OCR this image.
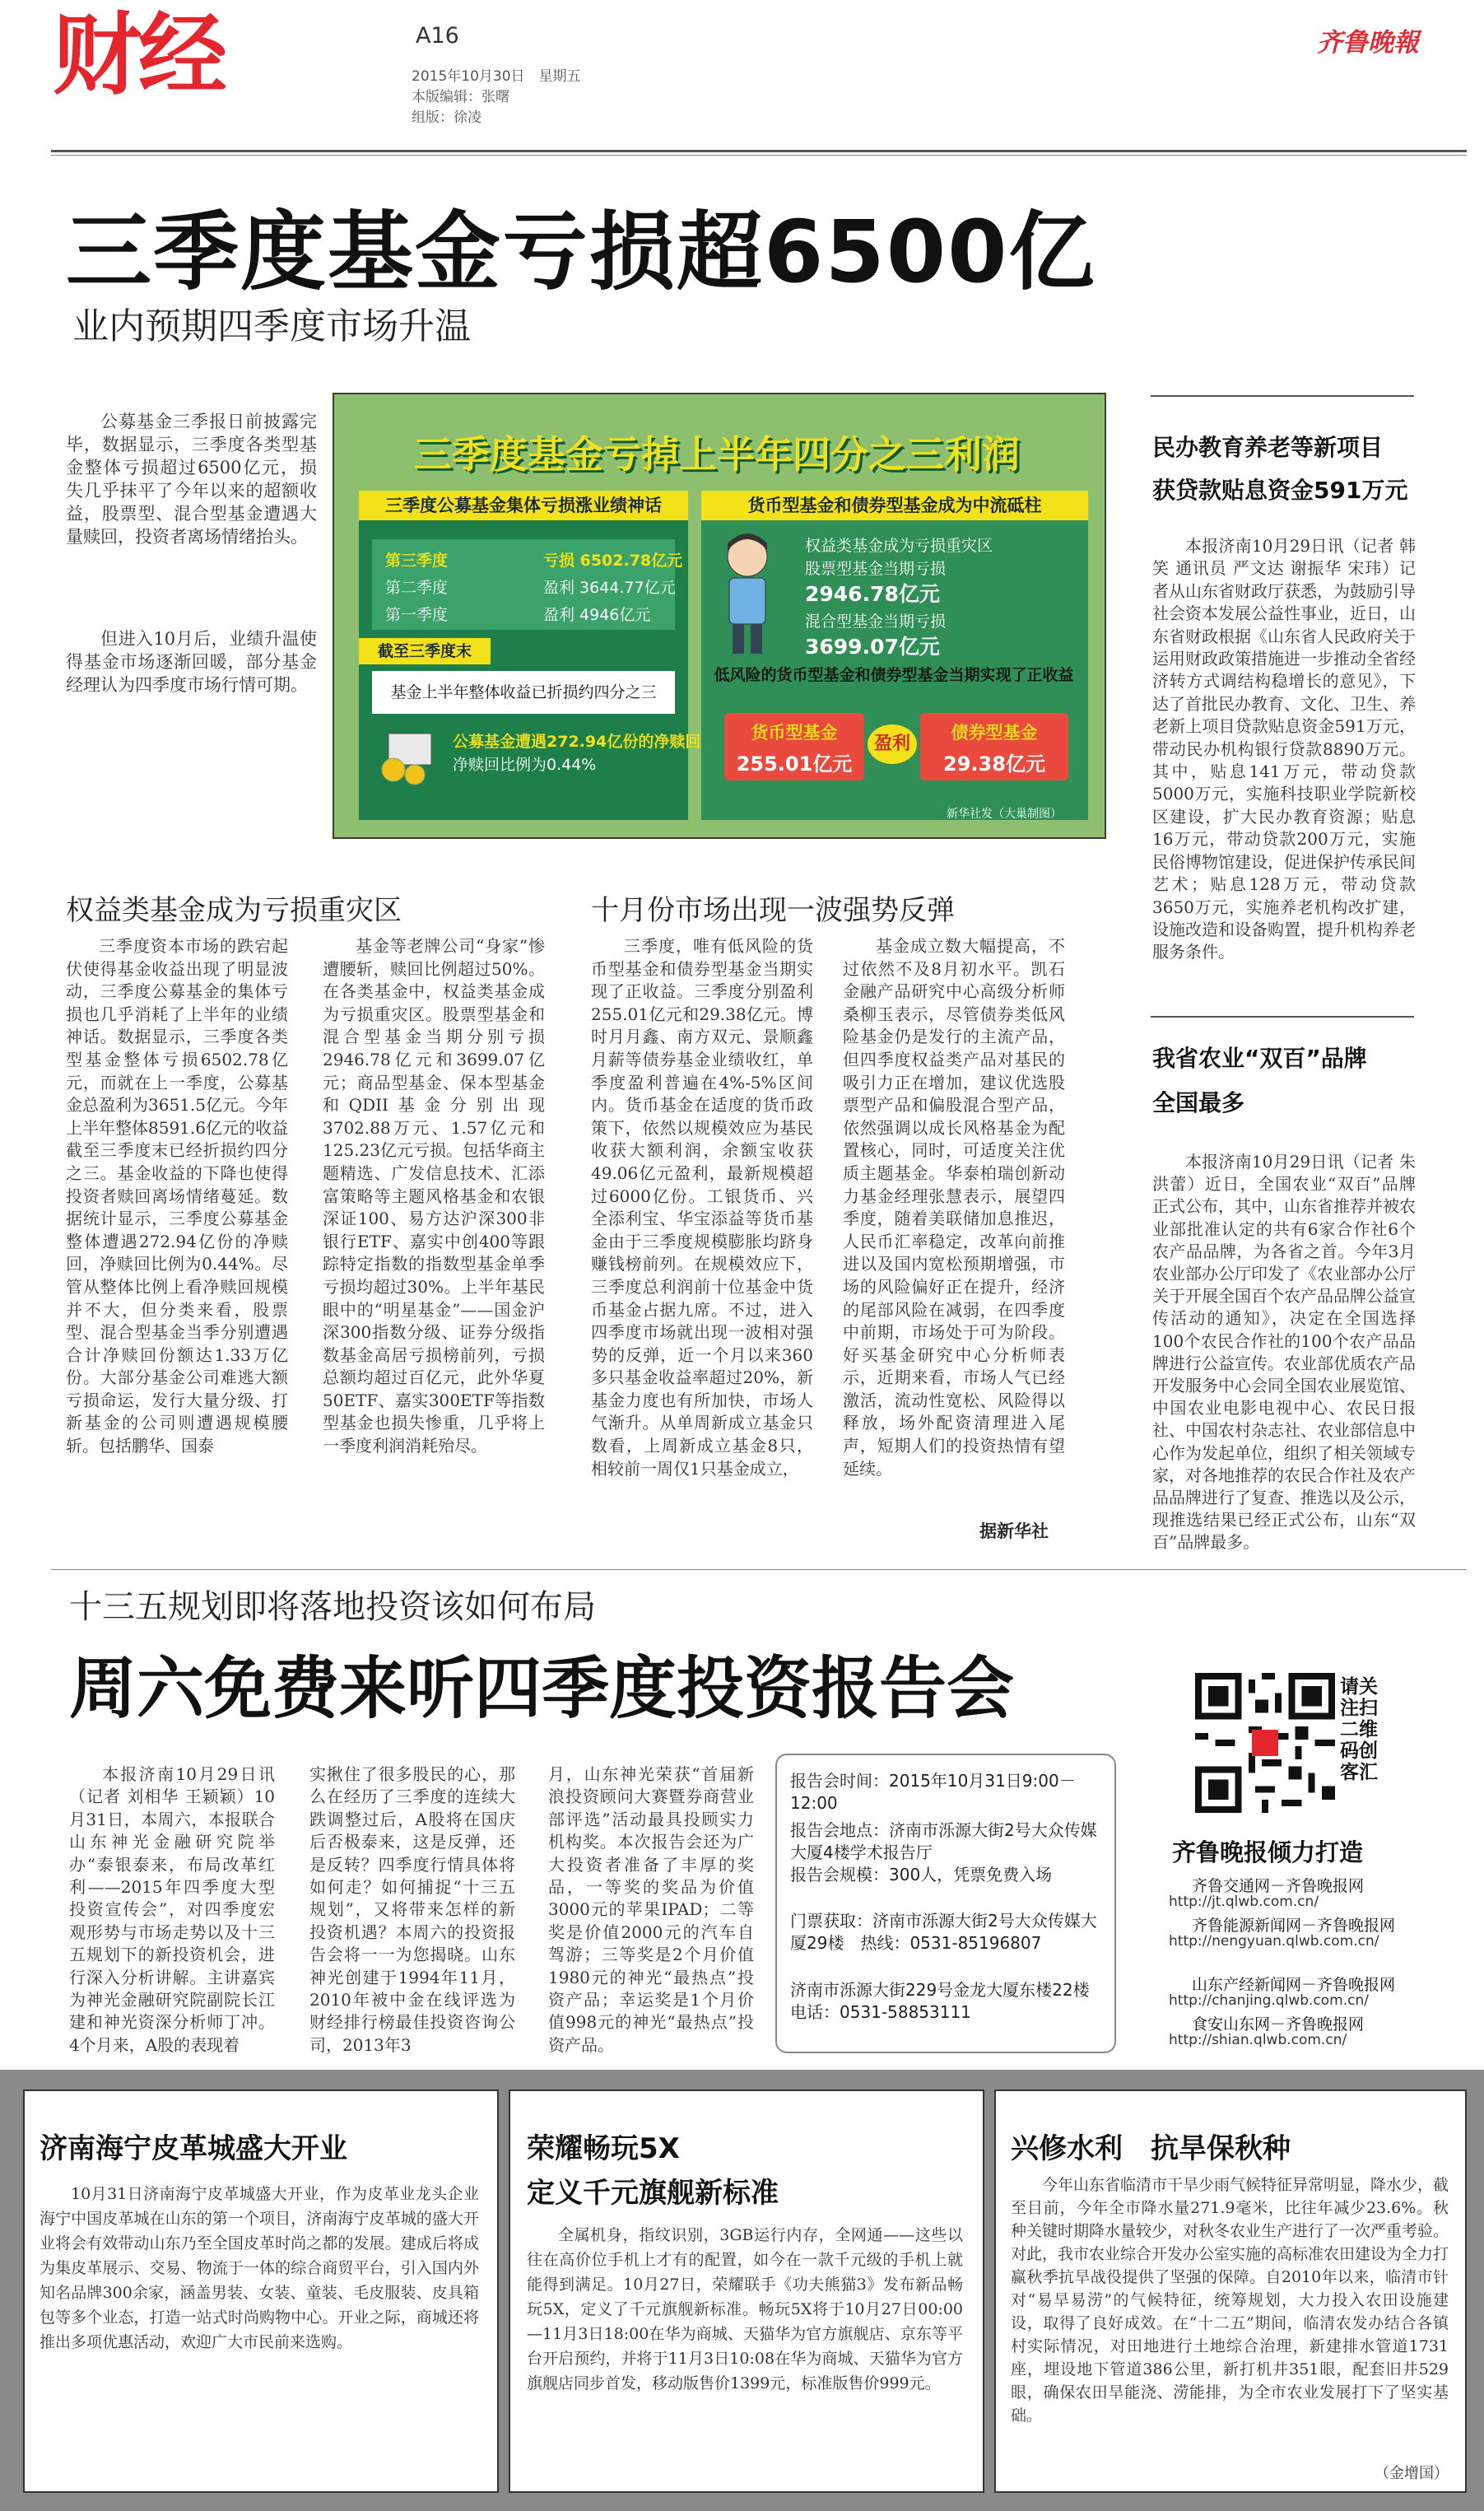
财经	A16
2015年10月30日　星期五
本版编辑：张曙
组版：徐凌
齐鲁晚報
三季度基金亏损超6500亿
业内预期四季度市场升温
公募基金三季报日前披露完毕，数据显示，三季度各类型基金整体亏损超过6500亿元，损失几乎抹平了今年以来的超额收益，股票型、混合型基金遭遇大量赎回，投资者离场情绪抬头。
但进入10月后，业绩升温使得基金市场逐渐回暖，部分基金经理认为四季度市场行情可期。
三季度基金亏掉上半年四分之三利润
三季度公募基金集体亏损涨业绩神话
第三季度	亏损 6502.78亿元
第二季度	盈利 3644.77亿元
第一季度	盈利 4946亿元
截至三季度末
基金上半年整体收益已折损约四分之三
公募基金遭遇272.94亿份的净赎回
净赎回比例为0.44%
货币型基金和债券型基金成为中流砥柱
权益类基金成为亏损重灾区
股票型基金当期亏损
2946.78亿元
混合型基金当期亏损
3699.07亿元
低风险的货币型基金和债券型基金当期实现了正收益
货币型基金
255.01亿元
盈利
债券型基金
29.38亿元
新华社发（大巢制图）
权益类基金成为亏损重灾区
三季度资本市场的跌宕起伏使得基金收益出现了明显波动，三季度公募基金的集体亏损也几乎消耗了上半年的业绩神话。数据显示，三季度各类型基金整体亏损6502.78亿元，而就在上一季度，公募基金总盈利为3651.5亿元。今年上半年整体8591.6亿元的收益截至三季度末已经折损约四分之三。基金收益的下降也使得投资者赎回离场情绪蔓延。数据统计显示，三季度公募基金整体遭遇272.94亿份的净赎回，净赎回比例为0.44%。尽管从整体比例上看净赎回规模并不大，但分类来看，股票型、混合型基金当季分别遭遇合计净赎回份额达1.33万亿份。大部分基金公司难逃大额亏损命运，发行大量分级、打新基金的公司则遭遇规模腰斩。包括鹏华、国泰
基金等老牌公司“身家”惨遭腰斩，赎回比例超过50%。在各类基金中，权益类基金成为亏损重灾区。股票型基金和混合型基金当期分别亏损2946.78亿元和3699.07亿元；商品型基金、保本型基金和QDII基金分别出现3702.88万元、1.57亿元和125.23亿元亏损。包括华商主题精选、广发信息技术、汇添富策略等主题风格基金和农银深证100、易方达沪深300非银行ETF、嘉实中创400等跟踪特定指数的指数型基金单季亏损均超过30%。上半年基民眼中的“明星基金”——国金沪深300指数分级、证券分级指数基金高居亏损榜前列，亏损总额均超过百亿元，此外华夏50ETF、嘉实300ETF等指数型基金也损失惨重，几乎将上一季度利润消耗殆尽。
十月份市场出现一波强势反弹
三季度，唯有低风险的货币型基金和债券型基金当期实现了正收益。三季度分别盈利255.01亿元和29.38亿元。博时月月鑫、南方双元、景顺鑫月薪等债券基金业绩收红，单季度盈利普遍在4%-5%区间内。货币基金在适度的货币政策下，依然以规模效应为基民收获大额利润，余额宝收获49.06亿元盈利，最新规模超过6000亿份。工银货币、兴全添利宝、华宝添益等货币基金由于三季度规模膨胀均跻身赚钱榜前列。在规模效应下，三季度总利润前十位基金中货币基金占据九席。不过，进入四季度市场就出现一波相对强势的反弹，近一个月以来360多只基金收益率超过20%，新基金力度也有所加快，市场人气渐升。从单周新成立基金只数看，上周新成立基金8只，相较前一周仅1只基金成立，
基金成立数大幅提高，不过依然不及8月初水平。凯石金融产品研究中心高级分析师桑柳玉表示，尽管债券类低风险基金仍是发行的主流产品，但四季度权益类产品对基民的吸引力正在增加，建议优选股票型产品和偏股混合型产品，依然强调以成长风格基金为配置核心，同时，可适度关注优质主题基金。华泰柏瑞创新动力基金经理张慧表示，展望四季度，随着美联储加息推迟，人民币汇率稳定，改革向前推进以及国内宽松预期增强，市场的风险偏好正在提升，经济的尾部风险在减弱，在四季度中前期，市场处于可为阶段。好买基金研究中心分析师表示，近期来看，市场人气已经激活，流动性宽松、风险得以释放，场外配资清理进入尾声，短期人们的投资热情有望延续。
据新华社
民办教育养老等新项目
获贷款贴息资金591万元
本报济南10月29日讯（记者 韩笑 通讯员 严文达 谢振华 宋玮）记者从山东省财政厅获悉，为鼓励引导社会资本发展公益性事业，近日，山东省财政根据《山东省人民政府关于运用财政政策措施进一步推动全省经济转方式调结构稳增长的意见》，下达了首批民办教育、文化、卫生、养老新上项目贷款贴息资金591万元，带动民办机构银行贷款8890万元。其中，贴息141万元，带动贷款5000万元，实施科技职业学院新校区建设，扩大民办教育资源；贴息16万元，带动贷款200万元，实施民俗博物馆建设，促进保护传承民间艺术；贴息128万元，带动贷款3650万元，实施养老机构改扩建，设施改造和设备购置，提升机构养老服务条件。
我省农业“双百”品牌
全国最多
本报济南10月29日讯（记者 朱洪蕾）近日，全国农业“双百”品牌正式公布，其中，山东省推荐并被农业部批准认定的共有6家合作社6个农产品品牌，为各省之首。今年3月农业部办公厅印发了《农业部办公厅关于开展全国百个农产品品牌公益宣传活动的通知》，决定在全国选择100个农民合作社的100个农产品品牌进行公益宣传。农业部优质农产品开发服务中心会同全国农业展览馆、中国农业电影电视中心、农民日报社、中国农村杂志社、农业部信息中心作为发起单位，组织了相关领域专家，对各地推荐的农民合作社及农产品品牌进行了复查、推选以及公示，现推选结果已经正式公布，山东“双百”品牌最多。
十三五规划即将落地投资该如何布局
周六免费来听四季度投资报告会
本报济南10月29日讯（记者 刘相华 王颖颖）10月31日，本周六，本报联合山东神光金融研究院举办“泰银泰来，布局改革红利——2015年四季度大型投资宣传会”，对四季度宏观形势与市场走势以及十三五规划下的新投资机会，进行深入分析讲解。主讲嘉宾为神光金融研究院副院长江建和神光资深分析师丁冲。4个月来，A股的表现着
实揪住了很多股民的心，那么在经历了三季度的连续大跌调整过后，A股将在国庆后否极泰来，这是反弹，还是反转？四季度行情具体将如何走？如何捕捉“十三五规划”，又将带来怎样的新投资机遇？本周六的投资报告会将一一为您揭晓。山东神光创建于1994年11月，2010年被中金在线评选为财经排行榜最佳投资咨询公司，2013年3
月，山东神光荣获“首届新浪投资顾问大赛暨券商营业部评选”活动最具投顾实力机构奖。本次报告会还为广大投资者准备了丰厚的奖品，一等奖的奖品为价值3000元的苹果IPAD；二等奖是价值2000元的汽车自驾游；三等奖是2个月价值1980元的神光“最热点”投资产品；幸运奖是1个月价值998元的神光“最热点”投资产品。
报告会时间：2015年10月31日9:00－12:00
报告会地点：济南市泺源大街2号大众传媒大厦4楼学术报告厅
报告会规模：300人，凭票免费入场
门票获取：济南市泺源大街2号大众传媒大厦29楼　热线：0531-85196807
济南市泺源大街229号金龙大厦东楼22楼　电话：0531-58853111
请关注扫二维码创客汇
齐鲁晚报倾力打造
齐鲁交通网－齐鲁晚报网
http://jt.qlwb.com.cn/
齐鲁能源新闻网－齐鲁晚报网
http://nengyuan.qlwb.com.cn/
山东产经新闻网－齐鲁晚报网
http://chanjing.qlwb.com.cn/
食安山东网－齐鲁晚报网
http://shian.qlwb.com.cn/
济南海宁皮革城盛大开业
10月31日济南海宁皮革城盛大开业，作为皮革业龙头企业海宁中国皮革城在山东的第一个项目，济南海宁皮革城的盛大开业将会有效带动山东乃至全国皮革时尚之都的发展。建成后将成为集皮革展示、交易、物流于一体的综合商贸平台，引入国内外知名品牌300余家，涵盖男装、女装、童装、毛皮服装、皮具箱包等多个业态，打造一站式时尚购物中心。开业之际，商城还将推出多项优惠活动，欢迎广大市民前来选购。
荣耀畅玩5X
定义千元旗舰新标准
全属机身，指纹识别，3GB运行内存，全网通——这些以往在高价位手机上才有的配置，如今在一款千元级的手机上就能得到满足。10月27日，荣耀联手《功夫熊猫3》发布新品畅玩5X，定义了千元旗舰新标准。畅玩5X将于10月27日00:00—11月3日18:00在华为商城、天猫华为官方旗舰店、京东等平台开启预约，并将于11月3日10:08在华为商城、天猫华为官方旗舰店同步首发，移动版售价1399元，标准版售价999元。
兴修水利　抗旱保秋种
今年山东省临清市干旱少雨气候特征异常明显，降水少，截至目前，今年全市降水量271.9毫米，比往年减少23.6%。秋种关键时期降水量较少，对秋冬农业生产进行了一次严重考验。对此，我市农业综合开发办公室实施的高标准农田建设为全力打赢秋季抗旱战役提供了坚强的保障。自2010年以来，临清市针对“易旱易涝”的气候特征，统筹规划，大力投入农田设施建设，取得了良好成效。在“十二五”期间，临清农发办结合各镇村实际情况，对田地进行土地综合治理，新建排水管道1731座，埋设地下管道386公里，新打机井351眼，配套旧井529眼，确保农田旱能浇、涝能排，为全市农业发展打下了坚实基础。
（金增国）
